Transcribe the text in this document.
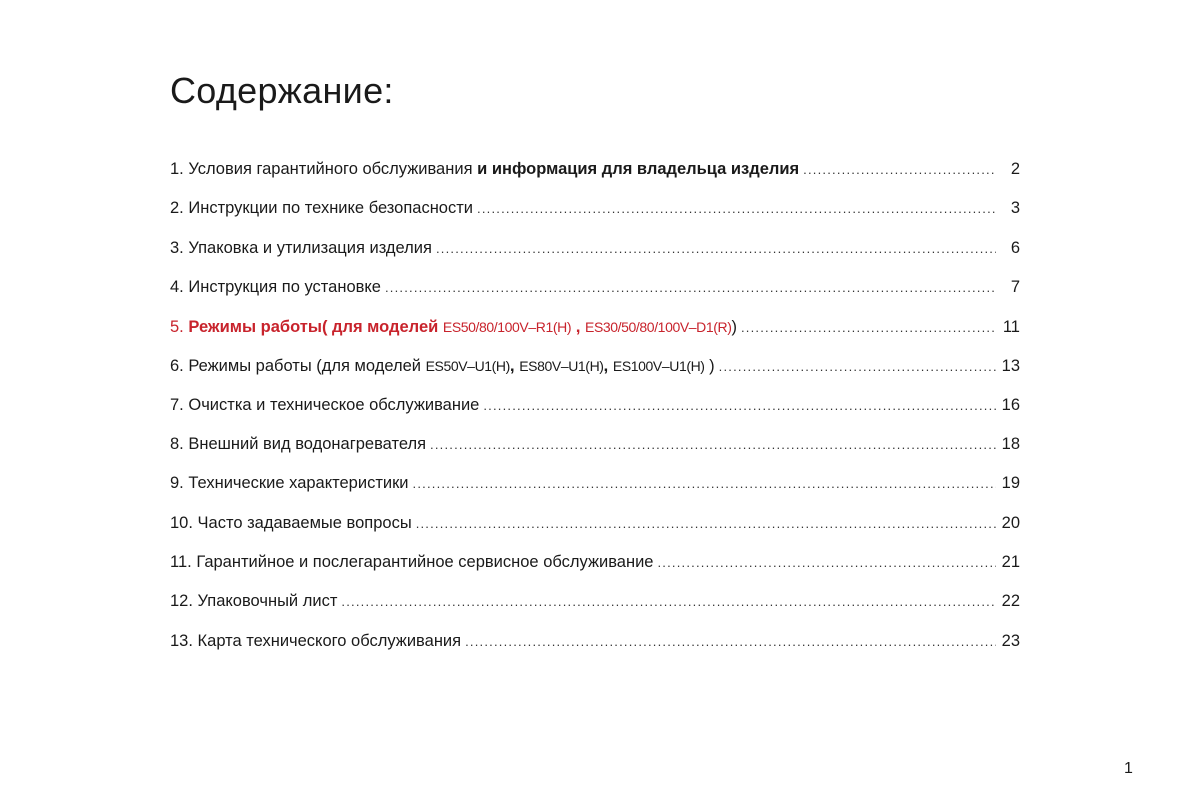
Содержание:
1. Условия гарантийного обслуживания и информация для владельца изделия .....	2
2. Инструкции по технике безопасности .....	3
3. Упаковка и утилизация изделия .....	6
4. Инструкция по установке .....	7
5. Режимы работы( для моделей ES50/80/100V–R1(H) , ES30/50/80/100V–D1(R)) .....	11
6. Режимы работы (для моделей ES50V–U1(H), ES80V–U1(H), ES100V–U1(H) ) .....	13
7. Очистка и техническое обслуживание .....	16
8. Внешний вид водонагревателя .....	18
9. Технические характеристики .....	19
10. Часто задаваемые вопросы .....	20
11. Гарантийное и послегарантийное сервисное обслуживание .....	21
12. Упаковочный лист .....	22
13. Карта технического обслуживания .....	23
1
